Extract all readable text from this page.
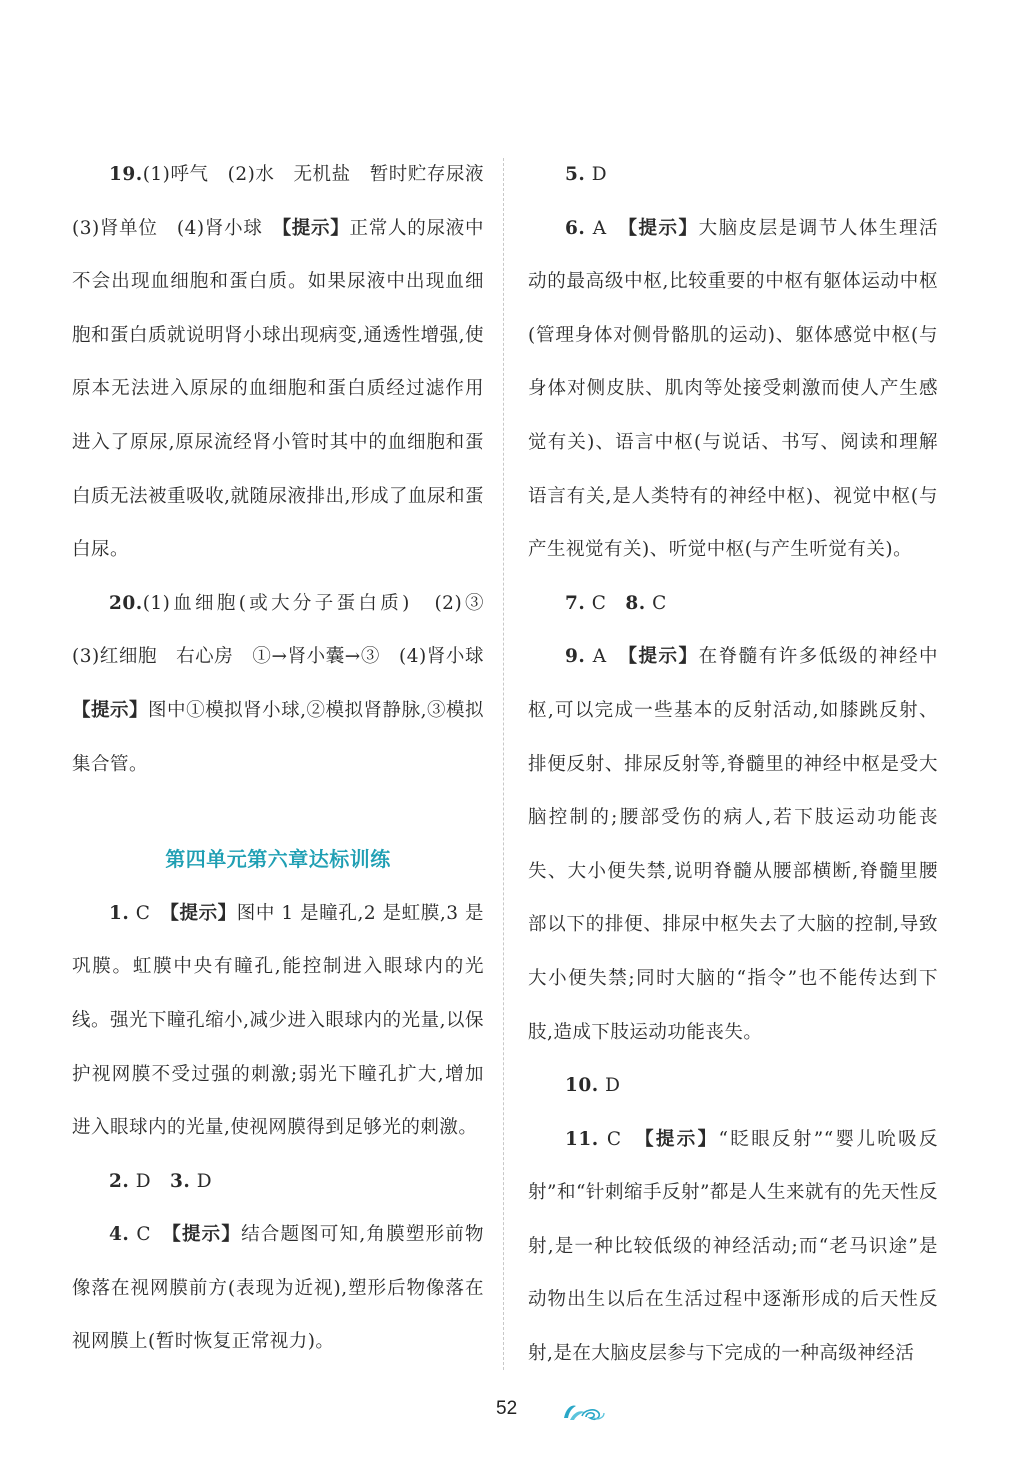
19.(1)呼气　(2)水　无机盐　暂时贮存尿液　(3)肾单位　(4)肾小球　【提示】正常人的尿液中不会出现血细胞和蛋白质。如果尿液中出现血细胞和蛋白质就说明肾小球出现病变,通透性增强,使原本无法进入原尿的血细胞和蛋白质经过滤作用进入了原尿,原尿流经肾小管时其中的血细胞和蛋白质无法被重吸收,就随尿液排出,形成了血尿和蛋白尿。

20.(1)血细胞(或大分子蛋白质)　(2)③　(3)红细胞　右心房　①→肾小囊→③　(4)肾小球　【提示】图中①模拟肾小球,②模拟肾静脉,③模拟集合管。

第四单元第六章达标训练

1. C　【提示】图中 1 是瞳孔,2 是虹膜,3 是巩膜。虹膜中央有瞳孔,能控制进入眼球内的光线。强光下瞳孔缩小,减少进入眼球内的光量,以保护视网膜不受过强的刺激;弱光下瞳孔扩大,增加进入眼球内的光量,使视网膜得到足够光的刺激。

2. D　3. D

4. C　【提示】结合题图可知,角膜塑形前物像落在视网膜前方(表现为近视),塑形后物像落在视网膜上(暂时恢复正常视力)。

5. D

6. A　【提示】大脑皮层是调节人体生理活动的最高级中枢,比较重要的中枢有躯体运动中枢(管理身体对侧骨骼肌的运动)、躯体感觉中枢(与身体对侧皮肤、肌肉等处接受刺激而使人产生感觉有关)、语言中枢(与说话、书写、阅读和理解语言有关,是人类特有的神经中枢)、视觉中枢(与产生视觉有关)、听觉中枢(与产生听觉有关)。

7. C　8. C

9. A　【提示】在脊髓有许多低级的神经中枢,可以完成一些基本的反射活动,如膝跳反射、排便反射、排尿反射等,脊髓里的神经中枢是受大脑控制的;腰部受伤的病人,若下肢运动功能丧失、大小便失禁,说明脊髓从腰部横断,脊髓里腰部以下的排便、排尿中枢失去了大脑的控制,导致大小便失禁;同时大脑的“指令”也不能传达到下肢,造成下肢运动功能丧失。

10. D

11. C　【提示】“眨眼反射”“婴儿吮吸反射”和“针刺缩手反射”都是人生来就有的先天性反射,是一种比较低级的神经活动;而“老马识途”是动物出生以后在生活过程中逐渐形成的后天性反射,是在大脑皮层参与下完成的一种高级神经活

52
